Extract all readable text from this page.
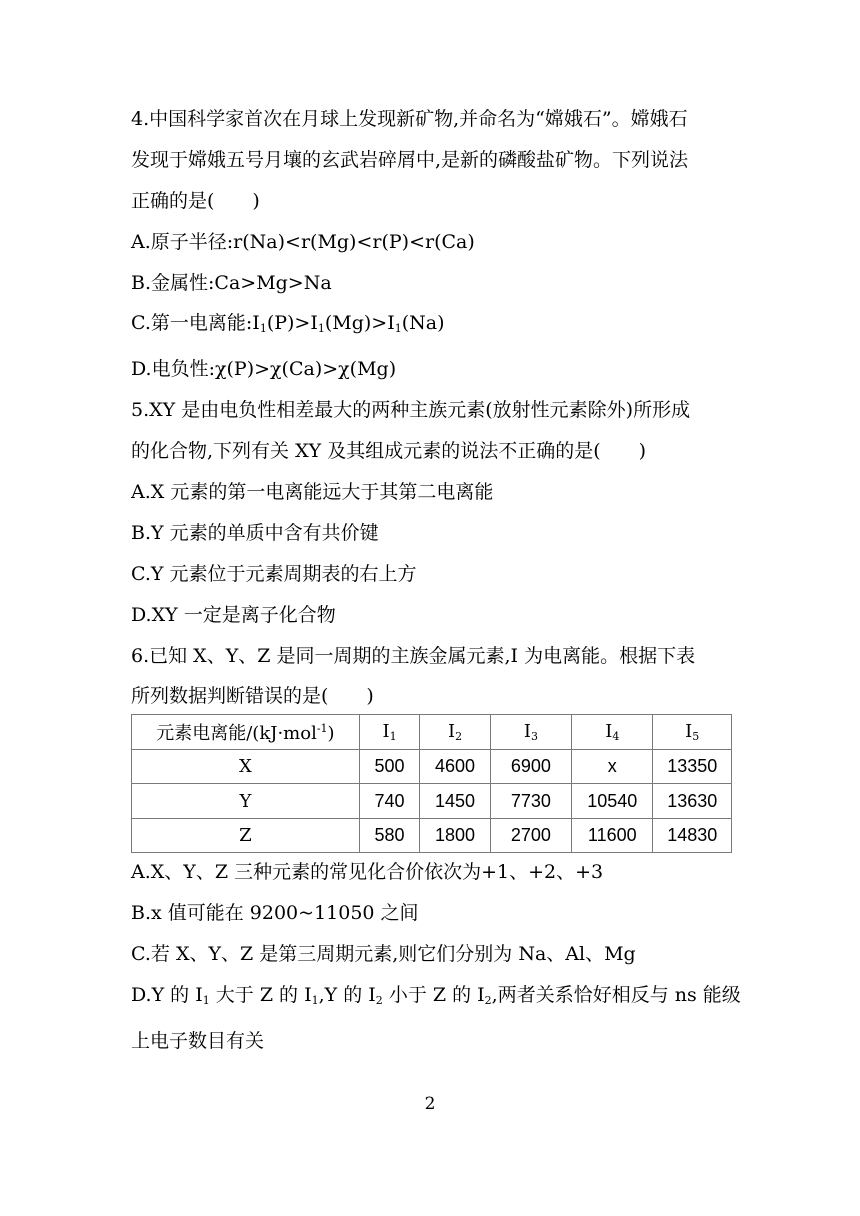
4.中国科学家首次在月球上发现新矿物,并命名为“嫦娥石”。嫦娥石
发现于嫦娥五号月壤的玄武岩碎屑中,是新的磷酸盐矿物。下列说法
正确的是(　　)
A.原子半径:r(Na)<r(Mg)<r(P)<r(Ca)
B.金属性:Ca>Mg>Na
C.第一电离能$:I_1(P)>I_1(Mg)>I_1(Na)$
D.电负性:χ(P)>χ(Ca)>χ(Mg)
5.XY 是由电负性相差最大的两种主族元素(放射性元素除外)所形成
的化合物,下列有关 XY 及其组成元素的说法不正确的是(　　)
A.X 元素的第一电离能远大于其第二电离能
B.Y 元素的单质中含有共价键
C.Y 元素位于元素周期表的右上方
D.XY 一定是离子化合物
6.已知 X、Y、Z 是同一周期的主族金属元素,I 为电离能。根据下表
所列数据判断错误的是(　　)
元素电离能/(kJ·mol$^{-1}$)	$I_1$	$I_2$	$I_3$	$I_4$	$I_5$
X	500	4600	6900	x	13350
Y	740	1450	7730	10540	13630
Z	580	1800	2700	11600	14830
A.X、Y、Z 三种元素的常见化合价依次为+1、+2、+3
B.x 值可能在 9200~11050 之间
C.若 X、Y、Z 是第三周期元素,则它们分别为 Na、Al、Mg
D.Y 的 $I_1$ 大于 Z 的 $I_1,Y$ 的 $I_2$ 小于 Z 的 $I_2$,两者关系恰好相反与 ns 能级
上电子数目有关
2
